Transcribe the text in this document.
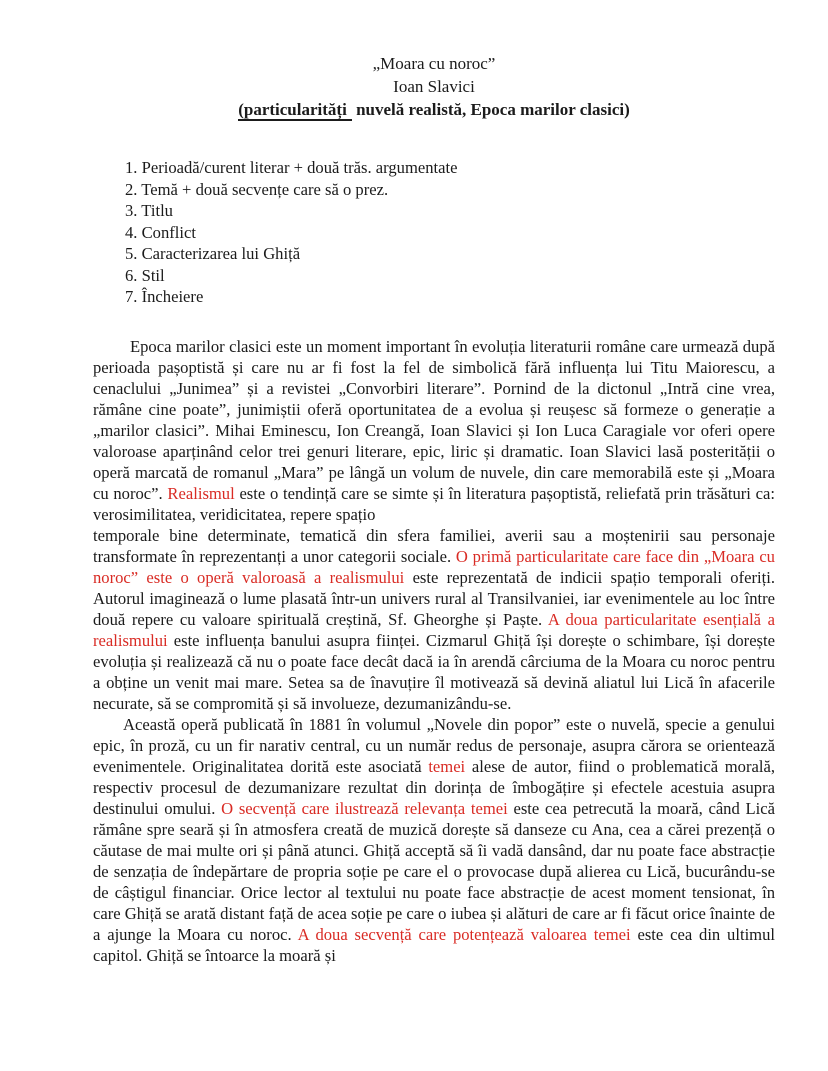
„Moara cu noroc”
Ioan Slavici
(particularități nuvelă realistă, Epoca marilor clasici)
1. Perioadă/curent literar + două trăs. argumentate
2. Temă + două secvențe care să o prez.
3. Titlu
4. Conflict
5. Caracterizarea lui Ghiță
6. Stil
7. Încheiere

Epoca marilor clasici este un moment important în evoluția literaturii române care urmează după perioada pașoptistă și care nu ar fi fost la fel de simbolică fără influența lui Titu Maiorescu, a cenaclului „Junimea” și a revistei „Convorbiri literare”. Pornind de la dictonul „Intră cine vrea, rămâne cine poate”, junimiștii oferă oportunitatea de a evolua și reușesc să formeze o generație a „marilor clasici”. Mihai Eminescu, Ion Creangă, Ioan Slavici și Ion Luca Caragiale vor oferi opere valoroase aparținând celor trei genuri literare, epic, liric și dramatic. Ioan Slavici lasă posterității o operă marcată de romanul „Mara” pe lângă un volum de nuvele, din care memorabilă este și „Moara cu noroc”. Realismul este o tendință care se simte și în literatura pașoptistă, reliefată prin trăsături ca: verosimilitatea, veridicitatea, repere spațio
temporale bine determinate, tematică din sfera familiei, averii sau a moștenirii sau personaje transformate în reprezentanți a unor categorii sociale. O primă particularitate care face din „Moara cu noroc” este o operă valoroasă a realismului este reprezentată de indicii spațio temporali oferiți. Autorul imaginează o lume plasată într-un univers rural al Transilvaniei, iar evenimentele au loc între două repere cu valoare spirituală creștină, Sf. Gheorghe și Paște. A doua particularitate esențială a realismului este influența banului asupra ființei. Cizmarul Ghiță își dorește o schimbare, își dorește evoluția și realizează că nu o poate face decât dacă ia în arendă cârciuma de la Moara cu noroc pentru a obține un venit mai mare. Setea sa de înavuțire îl motivează să devină aliatul lui Lică în afacerile necurate, să se compromită și să involueze, dezumanizându-se.

Această operă publicată în 1881 în volumul „Novele din popor” este o nuvelă, specie a genului epic, în proză, cu un fir narativ central, cu un număr redus de personaje, asupra cărora se orientează evenimentele. Originalitatea dorită este asociată temei alese de autor, fiind o problematică morală, respectiv procesul de dezumanizare rezultat din dorința de îmbogățire și efectele acestuia asupra destinului omului. O secvență care ilustrează relevanța temei este cea petrecută la moară, când Lică rămâne spre seară și în atmosfera creată de muzică dorește să danseze cu Ana, cea a cărei prezență o căutase de mai multe ori și până atunci. Ghiță acceptă să îi vadă dansând, dar nu poate face abstracție de senzația de îndepărtare de propria soție pe care el o provocase după alierea cu Lică, bucurându-se de câștigul financiar. Orice lector al textului nu poate face abstracție de acest moment tensionat, în care Ghiță se arată distant față de acea soție pe care o iubea și alături de care ar fi făcut orice înainte de a ajunge la Moara cu noroc. A doua secvență care potențează valoarea temei este cea din ultimul capitol. Ghiță se întoarce la moară și
